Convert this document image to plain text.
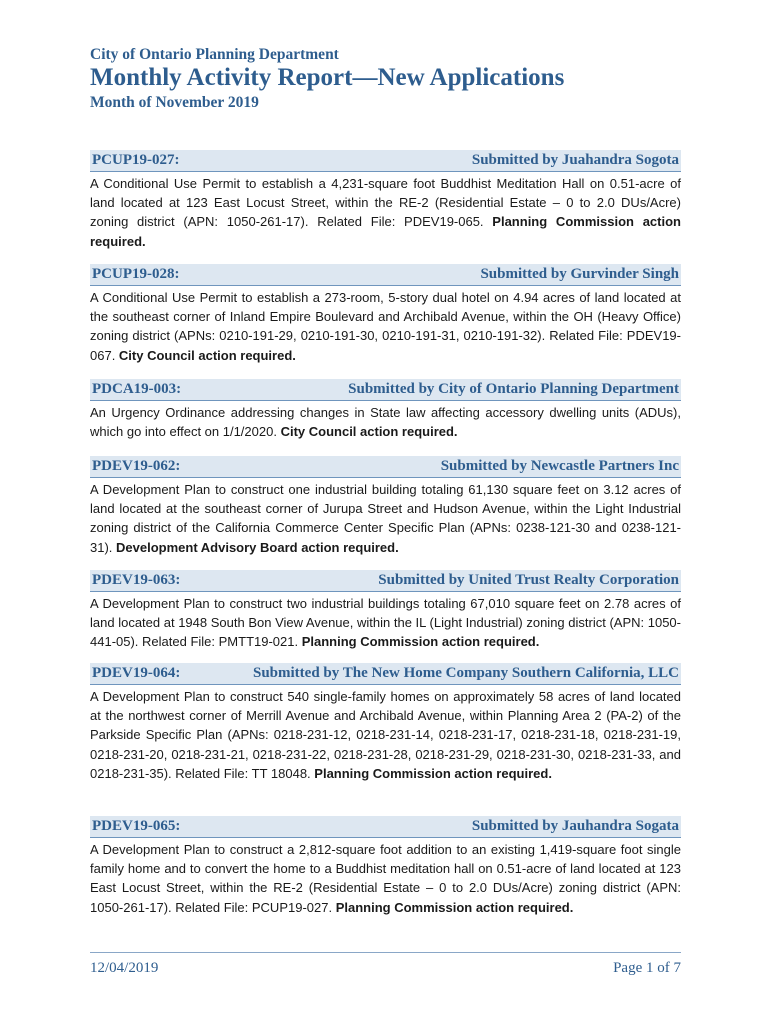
City of Ontario Planning Department
Monthly Activity Report—New Applications
Month of November 2019
PCUP19-027:	Submitted by Juahandra Sogota
A Conditional Use Permit to establish a 4,231-square foot Buddhist Meditation Hall on 0.51-acre of land located at 123 East Locust Street, within the RE-2 (Residential Estate – 0 to 2.0 DUs/Acre) zoning district (APN: 1050-261-17). Related File: PDEV19-065. Planning Commission action required.
PCUP19-028:	Submitted by Gurvinder Singh
A Conditional Use Permit to establish a 273-room, 5-story dual hotel on 4.94 acres of land located at the southeast corner of Inland Empire Boulevard and Archibald Avenue, within the OH (Heavy Office) zoning district (APNs: 0210-191-29, 0210-191-30, 0210-191-31, 0210-191-32). Related File: PDEV19-067. City Council action required.
PDCA19-003:	Submitted by City of Ontario Planning Department
An Urgency Ordinance addressing changes in State law affecting accessory dwelling units (ADUs), which go into effect on 1/1/2020. City Council action required.
PDEV19-062:	Submitted by Newcastle Partners Inc
A Development Plan to construct one industrial building totaling 61,130 square feet on 3.12 acres of land located at the southeast corner of Jurupa Street and Hudson Avenue, within the Light Industrial zoning district of the California Commerce Center Specific Plan (APNs: 0238-121-30 and 0238-121-31). Development Advisory Board action required.
PDEV19-063:	Submitted by United Trust Realty Corporation
A Development Plan to construct two industrial buildings totaling 67,010 square feet on 2.78 acres of land located at 1948 South Bon View Avenue, within the IL (Light Industrial) zoning district (APN: 1050-441-05). Related File: PMTT19-021. Planning Commission action required.
PDEV19-064:	Submitted by The New Home Company Southern California, LLC
A Development Plan to construct 540 single-family homes on approximately 58 acres of land located at the northwest corner of Merrill Avenue and Archibald Avenue, within Planning Area 2 (PA-2) of the Parkside Specific Plan (APNs: 0218-231-12, 0218-231-14, 0218-231-17, 0218-231-18, 0218-231-19, 0218-231-20, 0218-231-21, 0218-231-22, 0218-231-28, 0218-231-29, 0218-231-30, 0218-231-33, and 0218-231-35). Related File: TT 18048. Planning Commission action required.
PDEV19-065:	Submitted by Jauhandra Sogata
A Development Plan to construct a 2,812-square foot addition to an existing 1,419-square foot single family home and to convert the home to a Buddhist meditation hall on 0.51-acre of land located at 123 East Locust Street, within the RE-2 (Residential Estate – 0 to 2.0 DUs/Acre) zoning district (APN: 1050-261-17). Related File: PCUP19-027. Planning Commission action required.
12/04/2019	Page 1 of 7
